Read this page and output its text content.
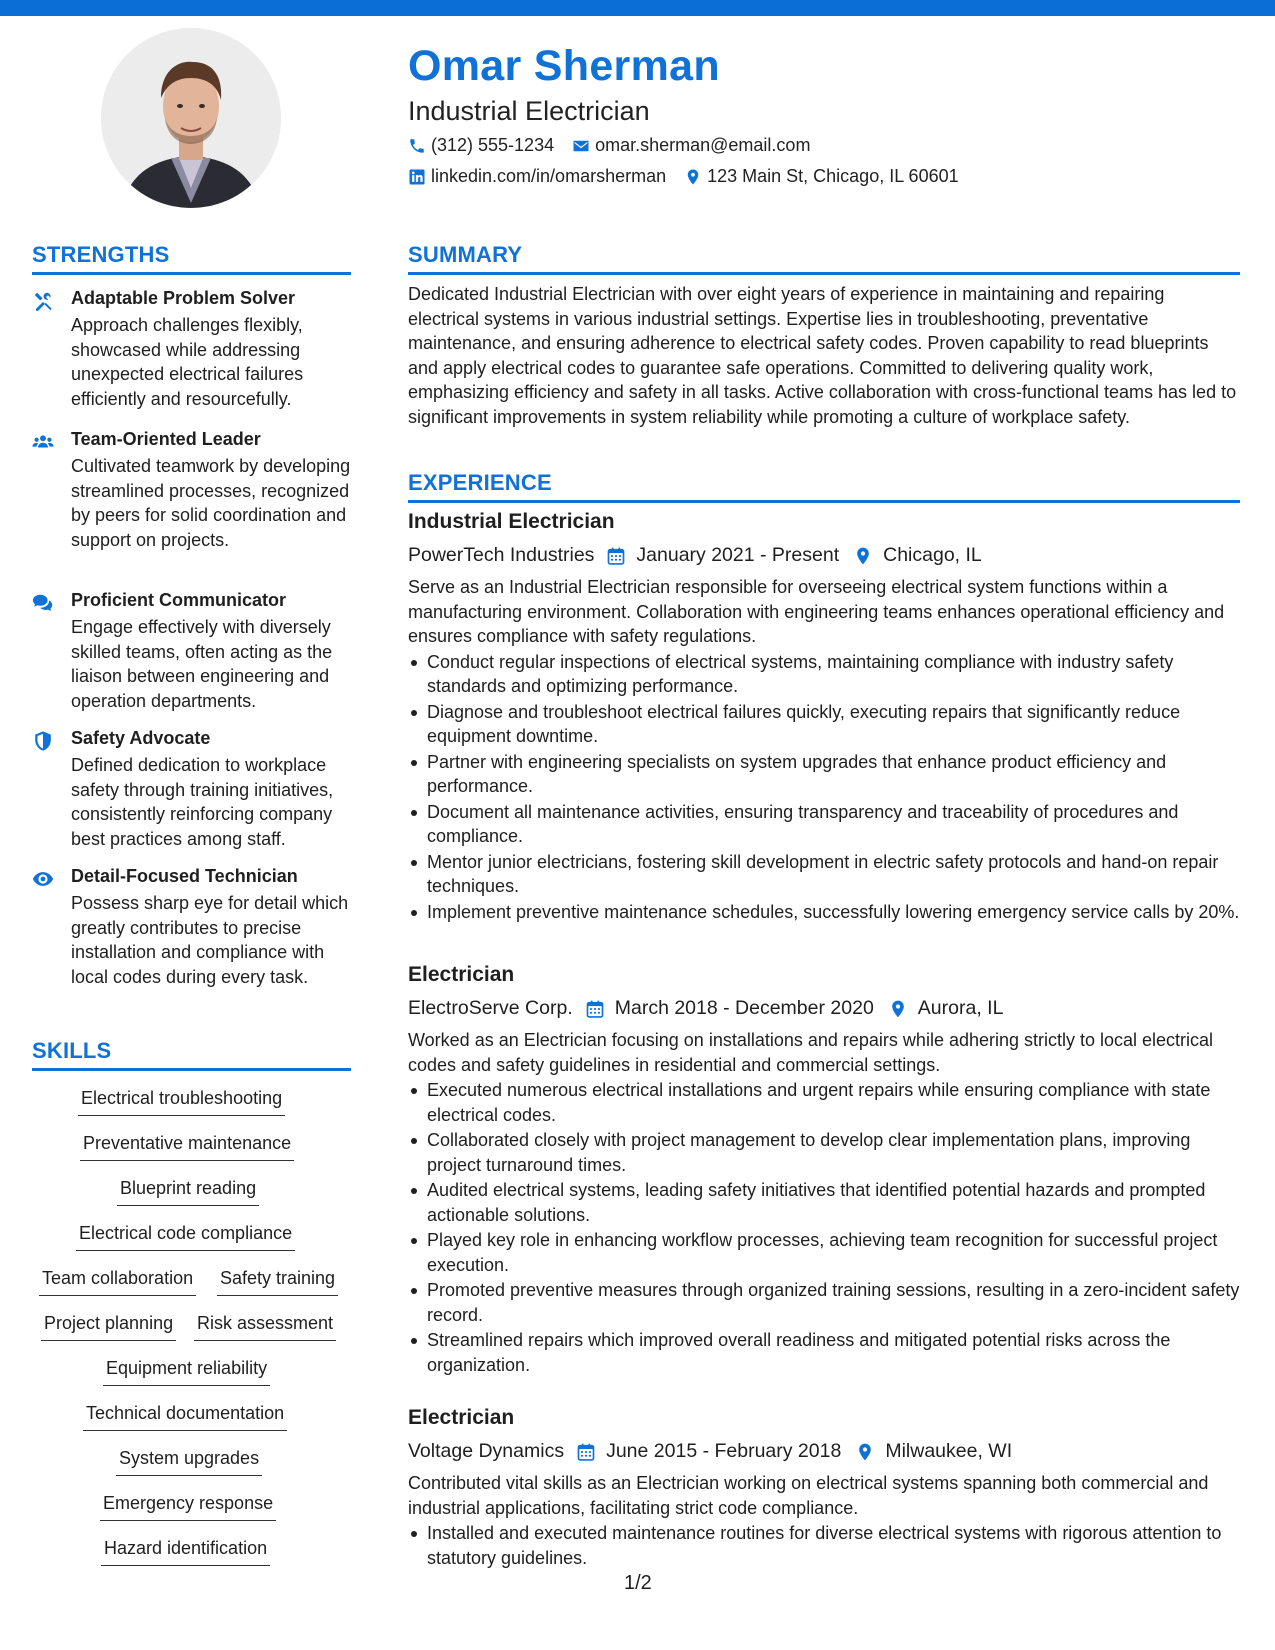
Omar Sherman
Industrial Electrician
(312) 555-1234 omar.sherman@email.com
linkedin.com/in/omarsherman 123 Main St, Chicago, IL 60601
STRENGTHS
Adaptable Problem Solver
Approach challenges flexibly, showcased while addressing unexpected electrical failures efficiently and resourcefully.
Team-Oriented Leader
Cultivated teamwork by developing streamlined processes, recognized by peers for solid coordination and support on projects.
Proficient Communicator
Engage effectively with diversely skilled teams, often acting as the liaison between engineering and operation departments.
Safety Advocate
Defined dedication to workplace safety through training initiatives, consistently reinforcing company best practices among staff.
Detail-Focused Technician
Possess sharp eye for detail which greatly contributes to precise installation and compliance with local codes during every task.
SKILLS
Electrical troubleshooting
Preventative maintenance
Blueprint reading
Electrical code compliance
Team collaboration Safety training
Project planning Risk assessment
Equipment reliability
Technical documentation
System upgrades
Emergency response
Hazard identification
SUMMARY

Dedicated Industrial Electrician with over eight years of experience in maintaining and repairing electrical systems in various industrial settings. Expertise lies in troubleshooting, preventative maintenance, and ensuring adherence to electrical safety codes. Proven capability to read blueprints and apply electrical codes to guarantee safe operations. Committed to delivering quality work, emphasizing efficiency and safety in all tasks. Active collaboration with cross-functional teams has led to significant improvements in system reliability while promoting a culture of workplace safety.

EXPERIENCE
Industrial Electrician
PowerTech Industries January 2021 - Present Chicago, IL

Serve as an Industrial Electrician responsible for overseeing electrical system functions within a manufacturing environment. Collaboration with engineering teams enhances operational efficiency and ensures compliance with safety regulations.

Conduct regular inspections of electrical systems, maintaining compliance with industry safety standards and optimizing performance.
Diagnose and troubleshoot electrical failures quickly, executing repairs that significantly reduce equipment downtime.
Partner with engineering specialists on system upgrades that enhance product efficiency and performance.
Document all maintenance activities, ensuring transparency and traceability of procedures and compliance.
Mentor junior electricians, fostering skill development in electric safety protocols and hand-on repair techniques.
Implement preventive maintenance schedules, successfully lowering emergency service calls by 20%.
Electrician
ElectroServe Corp. March 2018 - December 2020 Aurora, IL

Worked as an Electrician focusing on installations and repairs while adhering strictly to local electrical codes and safety guidelines in residential and commercial settings.

Executed numerous electrical installations and urgent repairs while ensuring compliance with state electrical codes.
Collaborated closely with project management to develop clear implementation plans, improving project turnaround times.
Audited electrical systems, leading safety initiatives that identified potential hazards and prompted actionable solutions.
Played key role in enhancing workflow processes, achieving team recognition for successful project execution.
Promoted preventive measures through organized training sessions, resulting in a zero-incident safety record.
Streamlined repairs which improved overall readiness and mitigated potential risks across the organization.
Electrician
Voltage Dynamics June 2015 - February 2018 Milwaukee, WI

Contributed vital skills as an Electrician working on electrical systems spanning both commercial and industrial applications, facilitating strict code compliance.

Installed and executed maintenance routines for diverse electrical systems with rigorous attention to statutory guidelines.
1/2
